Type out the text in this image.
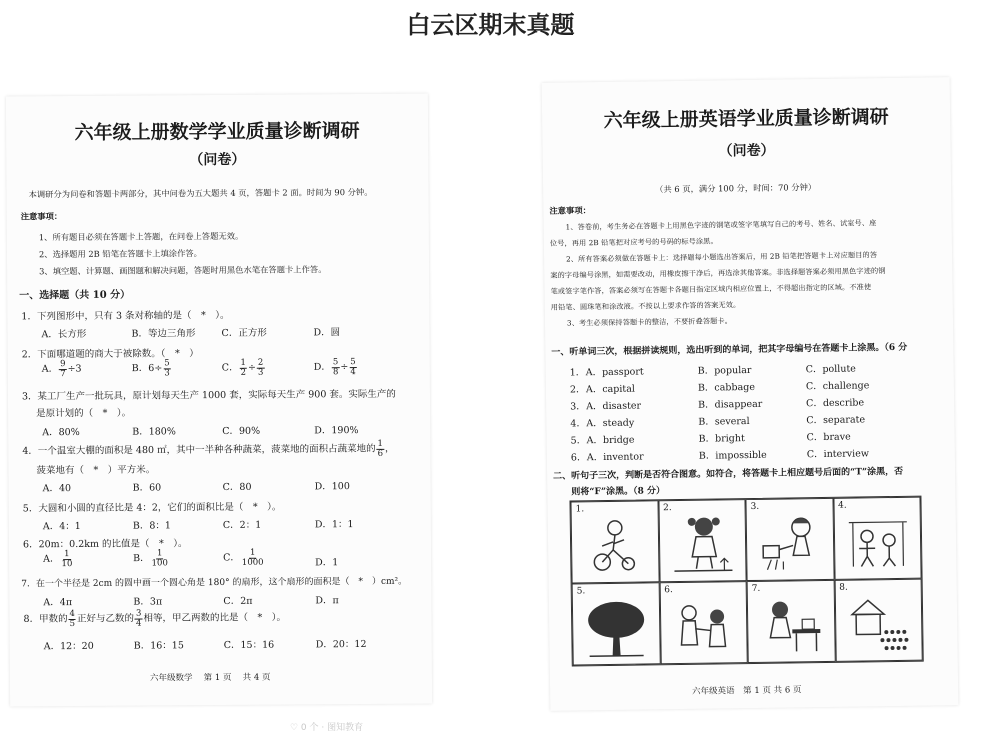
白云区期末真题
六年级上册数学学业质量诊断调研
（问卷）
本调研分为问卷和答题卡两部分，其中问卷为五大题共 4 页，答题卡 2 面。时间为 90 分钟。
注意事项：
1、所有题目必须在答题卡上答题，在问卷上答题无效。
2、选择题用 2B 铅笔在答题卡上填涂作答。
3、填空题、计算题、画图题和解决问题，答题时用黑色水笔在答题卡上作答。
一、选择题（共 10 分）
1．下列图形中，只有 3 条对称轴的是（　*　）。
A．长方形	B．等边三角形	C．正方形	D．圆
2．下面哪道题的商大于被除数。（　*　）
A． $\frac{9}{7} \div 3$	B．$6\div \frac{5}{3}$	C． $\frac{1}{2} \div \frac{2}{3}$	D． $\frac{5}{8} \div \frac{5}{4}$
3．某工厂生产一批玩具，原计划每天生产 1000 套，实际每天生产 900 套。实际生产的
是原计划的（　*　）。
A．80%	B．180%	C．90%	D．190%
4．一个温室大棚的面积是 480 ㎡，其中一半种各种蔬菜，菠菜地的面积占蔬菜地的 $\frac{1}{6}$ ，
菠菜地有（　*　）平方米。
A．40	B．60	C．80	D．100
5．大圆和小圆的直径比是 4：2，它们的面积比是（　*　）。
A．4：1	B．8：1	C．2：1	D．1：1
6．20m：0.2km 的比值是（　*　）。
A． $\frac{1}{10}$	B． $\frac{1}{100}$	C． $\frac{1}{1000}$	D．1
7．在一个半径是 2cm 的圆中画一个圆心角是 180° 的扇形，这个扇形的面积是（　*　）cm²。
A．4π	B．3π	C．2π	D．π
8．甲数的 $\frac{4}{5}$ 正好与乙数的 $\frac{3}{4}$ 相等，甲乙两数的比是（　*　）。
A．12：20	B．16：15	C．15：16	D．20：12
六年级数学　 第 1 页 　共 4 页
六年级上册英语学业质量诊断调研
（问卷）
（共 6 页，满分 100 分，时间：70 分钟）
注意事项：
1、答卷前，考生务必在答题卡上用黑色字迹的钢笔或签字笔填写自己的考号、姓名、试室号、座
位号，再用 2B 铅笔把对应考号的号码的标号涂黑。
2、所有答案必须做在答题卡上：选择题每小题选出答案后，用 2B 铅笔把答题卡上对应题目的答
案的字母编号涂黑，如需要改动，用橡皮擦干净后，再选涂其他答案。非选择题答案必须用黑色字迹的钢
笔或签字笔作答，答案必须写在答题卡各题目指定区域内相应位置上，不得超出指定的区域。不准使
用铅笔、圆珠笔和涂改液。不按以上要求作答的答案无效。
3、考生必须保持答题卡的整洁，不要折叠答题卡。
一、听单词三次，根据拼读规则，选出听到的单词，把其字母编号在答题卡上涂黑。（6 分
1． A．passport	B．popular	C．pollute
2． A．capital	B．cabbage	C．challenge
3． A．disaster	B．disappear	C．describe
4． A．steady	B．several	C．separate
5． A．bridge	B．bright	C．brave
6． A．inventor	B．impossible	C．interview
二、听句子三次，判断是否符合图意。如符合，将答题卡上相应题号后面的“T”涂黑，否
则将“F”涂黑。（8 分）
1.	2.	3.	4.
5.	6.	7.	8.
六年级英语　第 1 页 共 6 页
♡ 0 个 · 图知教育
